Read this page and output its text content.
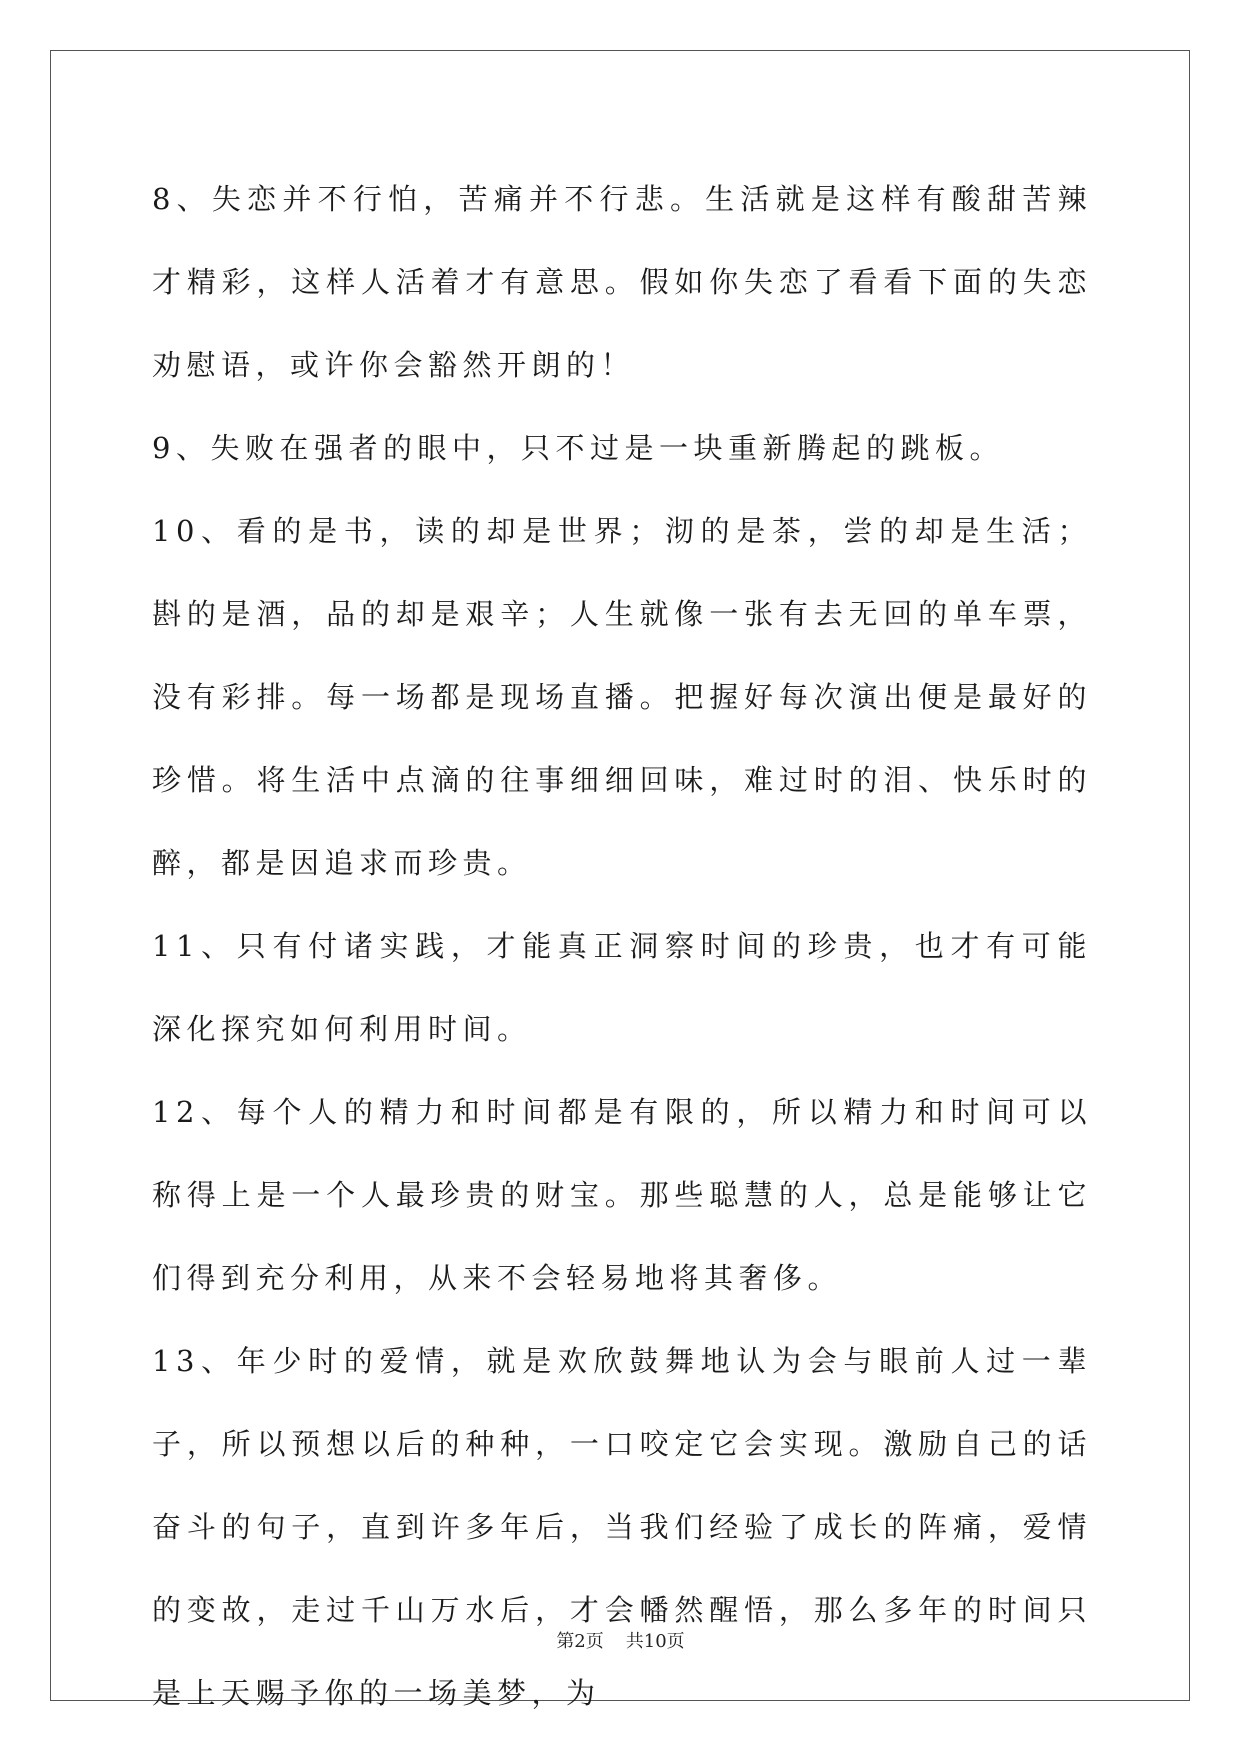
8、失恋并不行怕，苦痛并不行悲。生活就是这样有酸甜苦辣才精彩，这样人活着才有意思。假如你失恋了看看下面的失恋劝慰语，或许你会豁然开朗的！

9、失败在强者的眼中，只不过是一块重新腾起的跳板。

10、看的是书，读的却是世界；沏的是茶，尝的却是生活；斟的是酒，品的却是艰辛；人生就像一张有去无回的单车票，没有彩排。每一场都是现场直播。把握好每次演出便是最好的珍惜。将生活中点滴的往事细细回味，难过时的泪、快乐时的醉，都是因追求而珍贵。

11、只有付诸实践，才能真正洞察时间的珍贵，也才有可能深化探究如何利用时间。

12、每个人的精力和时间都是有限的，所以精力和时间可以称得上是一个人最珍贵的财宝。那些聪慧的人，总是能够让它们得到充分利用，从来不会轻易地将其奢侈。

13、年少时的爱情，就是欢欣鼓舞地认为会与眼前人过一辈子，所以预想以后的种种，一口咬定它会实现。激励自己的话奋斗的句子，直到许多年后，当我们经验了成长的阵痛，爱情的变故，走过千山万水后，才会幡然醒悟，那么多年的时间只是上天赐予你的一场美梦，为

第2页 共10页
